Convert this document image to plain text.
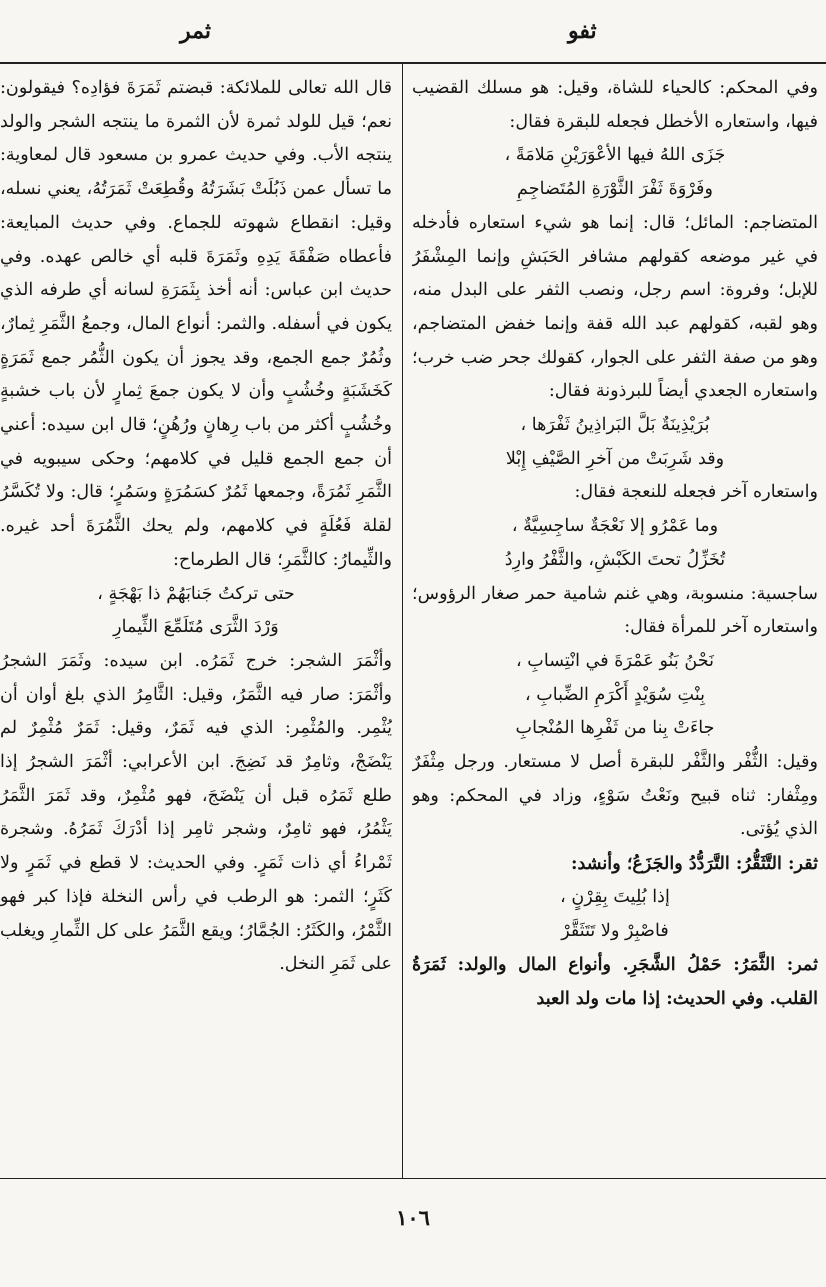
ثفو
ثمر

وفي المحكم: كالحياء للشاة، وقيل: هو مسلك القضيب فيها، واستعاره الأخطل فجعله للبقرة فقال:

جَزَى اللهُ فيها الأعْوَرَيْنِ مَلامَةً ،

وفَرْوَةَ ثَفْرَ الثَّوْرَةِ المُتَضاجِمِ

المتضاجم: المائل؛ قال: إنما هو شيء استعاره فأدخله في غير موضعه كقولهم مشافر الحَبَشِ وإنما المِشْفَرُ للإبل؛ وفروة: اسم رجل، ونصب الثفر على البدل منه، وهو لقبه، كقولهم عبد الله قفة وإنما خفض المتضاجم، وهو من صفة الثفر على الجوار، كقولك جحر ضب خرب؛ واستعاره الجعدي أيضاً للبرذونة فقال:

بُرَيْذِينَةٌ بَلَّ البَراذِينُ ثَفْرَها ،

وقد شَرِبَتْ من آخرِ الصَّيْفِ إِبْلا

واستعاره آخر فجعله للنعجة فقال:

وما عَمْرُو إلا نَعْجَةٌ ساجِسِيَّةٌ ،

تُخَزِّلُ تحتَ الكَبْشِ، والثَّفْرُ وارِدُ

ساجسية: منسوبة، وهي غنم شامية حمر صغار الرؤوس؛ واستعاره آخر للمرأة فقال:

نَحْنُ بَنُو عَمْرَةَ في انْتِسابِ ،

بِنْتِ سُوَيْدٍ أَكْرَمِ الضِّبابِ ،

جاءَتْ بِنا من ثَفْرِها المُنْجابِ

وقيل: الثُّفْر والثَّفْر للبقرة أصل لا مستعار. ورجل مِثْفَرٌ ومِثْفار: ثناه قبيح ونَعْتُ سَوْءٍ، وزاد في المحكم: وهو الذي يُؤتى.

ثقر: التَّثَقُّرُ: التَّرَدُّدُ والجَزَعُ؛ وأنشد:

إذا بُلِيتَ بِقِرْنٍ ،

فاصْبِرْ ولا تَتَثَقَّرْ

ثمر: الثَّمَرُ: حَمْلُ الشَّجَرِ. وأنواع المال والولد: ثَمَرَةُ القلب. وفي الحديث: إذا مات ولد العبد

قال الله تعالى للملائكة: قبضتم ثَمَرَةَ فؤادِه؟ فيقولون: نعم؛ قيل للولد ثمرة لأن الثمرة ما ينتجه الشجر والولد ينتجه الأب. وفي حديث عمرو بن مسعود قال لمعاوية: ما تسأل عمن ذَبُلَتْ بَشَرَتُهُ وقُطِعَتْ ثَمَرَتُهُ، يعني نسله، وقيل: انقطاع شهوته للجماع. وفي حديث المبايعة: فأعطاه صَفْقَةَ يَدِهِ وثَمَرَةَ قلبه أي خالص عهده. وفي حديث ابن عباس: أنه أخذ بِثَمَرَةِ لسانه أي طرفه الذي يكون في أسفله. والثمر: أنواع المال، وجمعُ الثَّمَرِ ثِمارٌ، وثُمُرٌ جمع الجمع، وقد يجوز أن يكون الثُّمُر جمع ثَمَرَةٍ كَخَشَبَةٍ وخُشُبٍ وأن لا يكون جمعَ ثِمارٍ لأن باب خشبةٍ وخُشُبٍ أكثر من باب رِهانٍ ورُهُنٍ؛ قال ابن سيده: أعني أن جمع الجمع قليل في كلامهم؛ وحكى سيبويه في الثَّمَرِ ثَمُرَةً، وجمعها ثَمُرٌ كسَمُرَةٍ وسَمُرٍ؛ قال: ولا تُكَسَّرُ لقلة فَعُلَةٍ في كلامهم، ولم يحك الثَّمُرَةَ أحد غيره. والثِّيمارُ: كالثَّمَرِ؛ قال الطرماح:

حتى تركتُ جَنابَهُمْ ذا بَهْجَةٍ ،

وَرْدَ الثَّرَى مُتَلَمِّعَ الثِّيمارِ

وأثْمَرَ الشجر: خرج ثَمَرُه. ابن سيده: وثَمَرَ الشجرُ وأثْمَرَ: صار فيه الثَّمَرُ، وقيل: الثَّامِرُ الذي بلغ أوان أن يُثْمِر. والمُثْمِر: الذي فيه ثَمَرٌ، وقيل: ثَمَرٌ مُثْمِرٌ لم يَنْضَجْ، وثامِرٌ قد نَضِجَ. ابن الأعرابي: أثْمَرَ الشجرُ إذا طلع ثَمَرُه قبل أن يَنْضَجَ، فهو مُثْمِرٌ، وقد ثَمَرَ الثَّمَرُ يَثْمُرُ، فهو ثامِرٌ، وشجر ثامِر إذا أدْرَكَ ثَمَرُهُ. وشجرة ثَمْراءُ أي ذات ثَمَرٍ. وفي الحديث: لا قطع في ثَمَرٍ ولا كَثَرٍ؛ الثمر: هو الرطب في رأس النخلة فإذا كبر فهو الثَّمْرُ، والكَثَرُ: الجُمَّارُ؛ ويقع الثَّمَرُ على كل الثِّمارِ ويغلب على ثَمَرِ النخل.

١٠٦
